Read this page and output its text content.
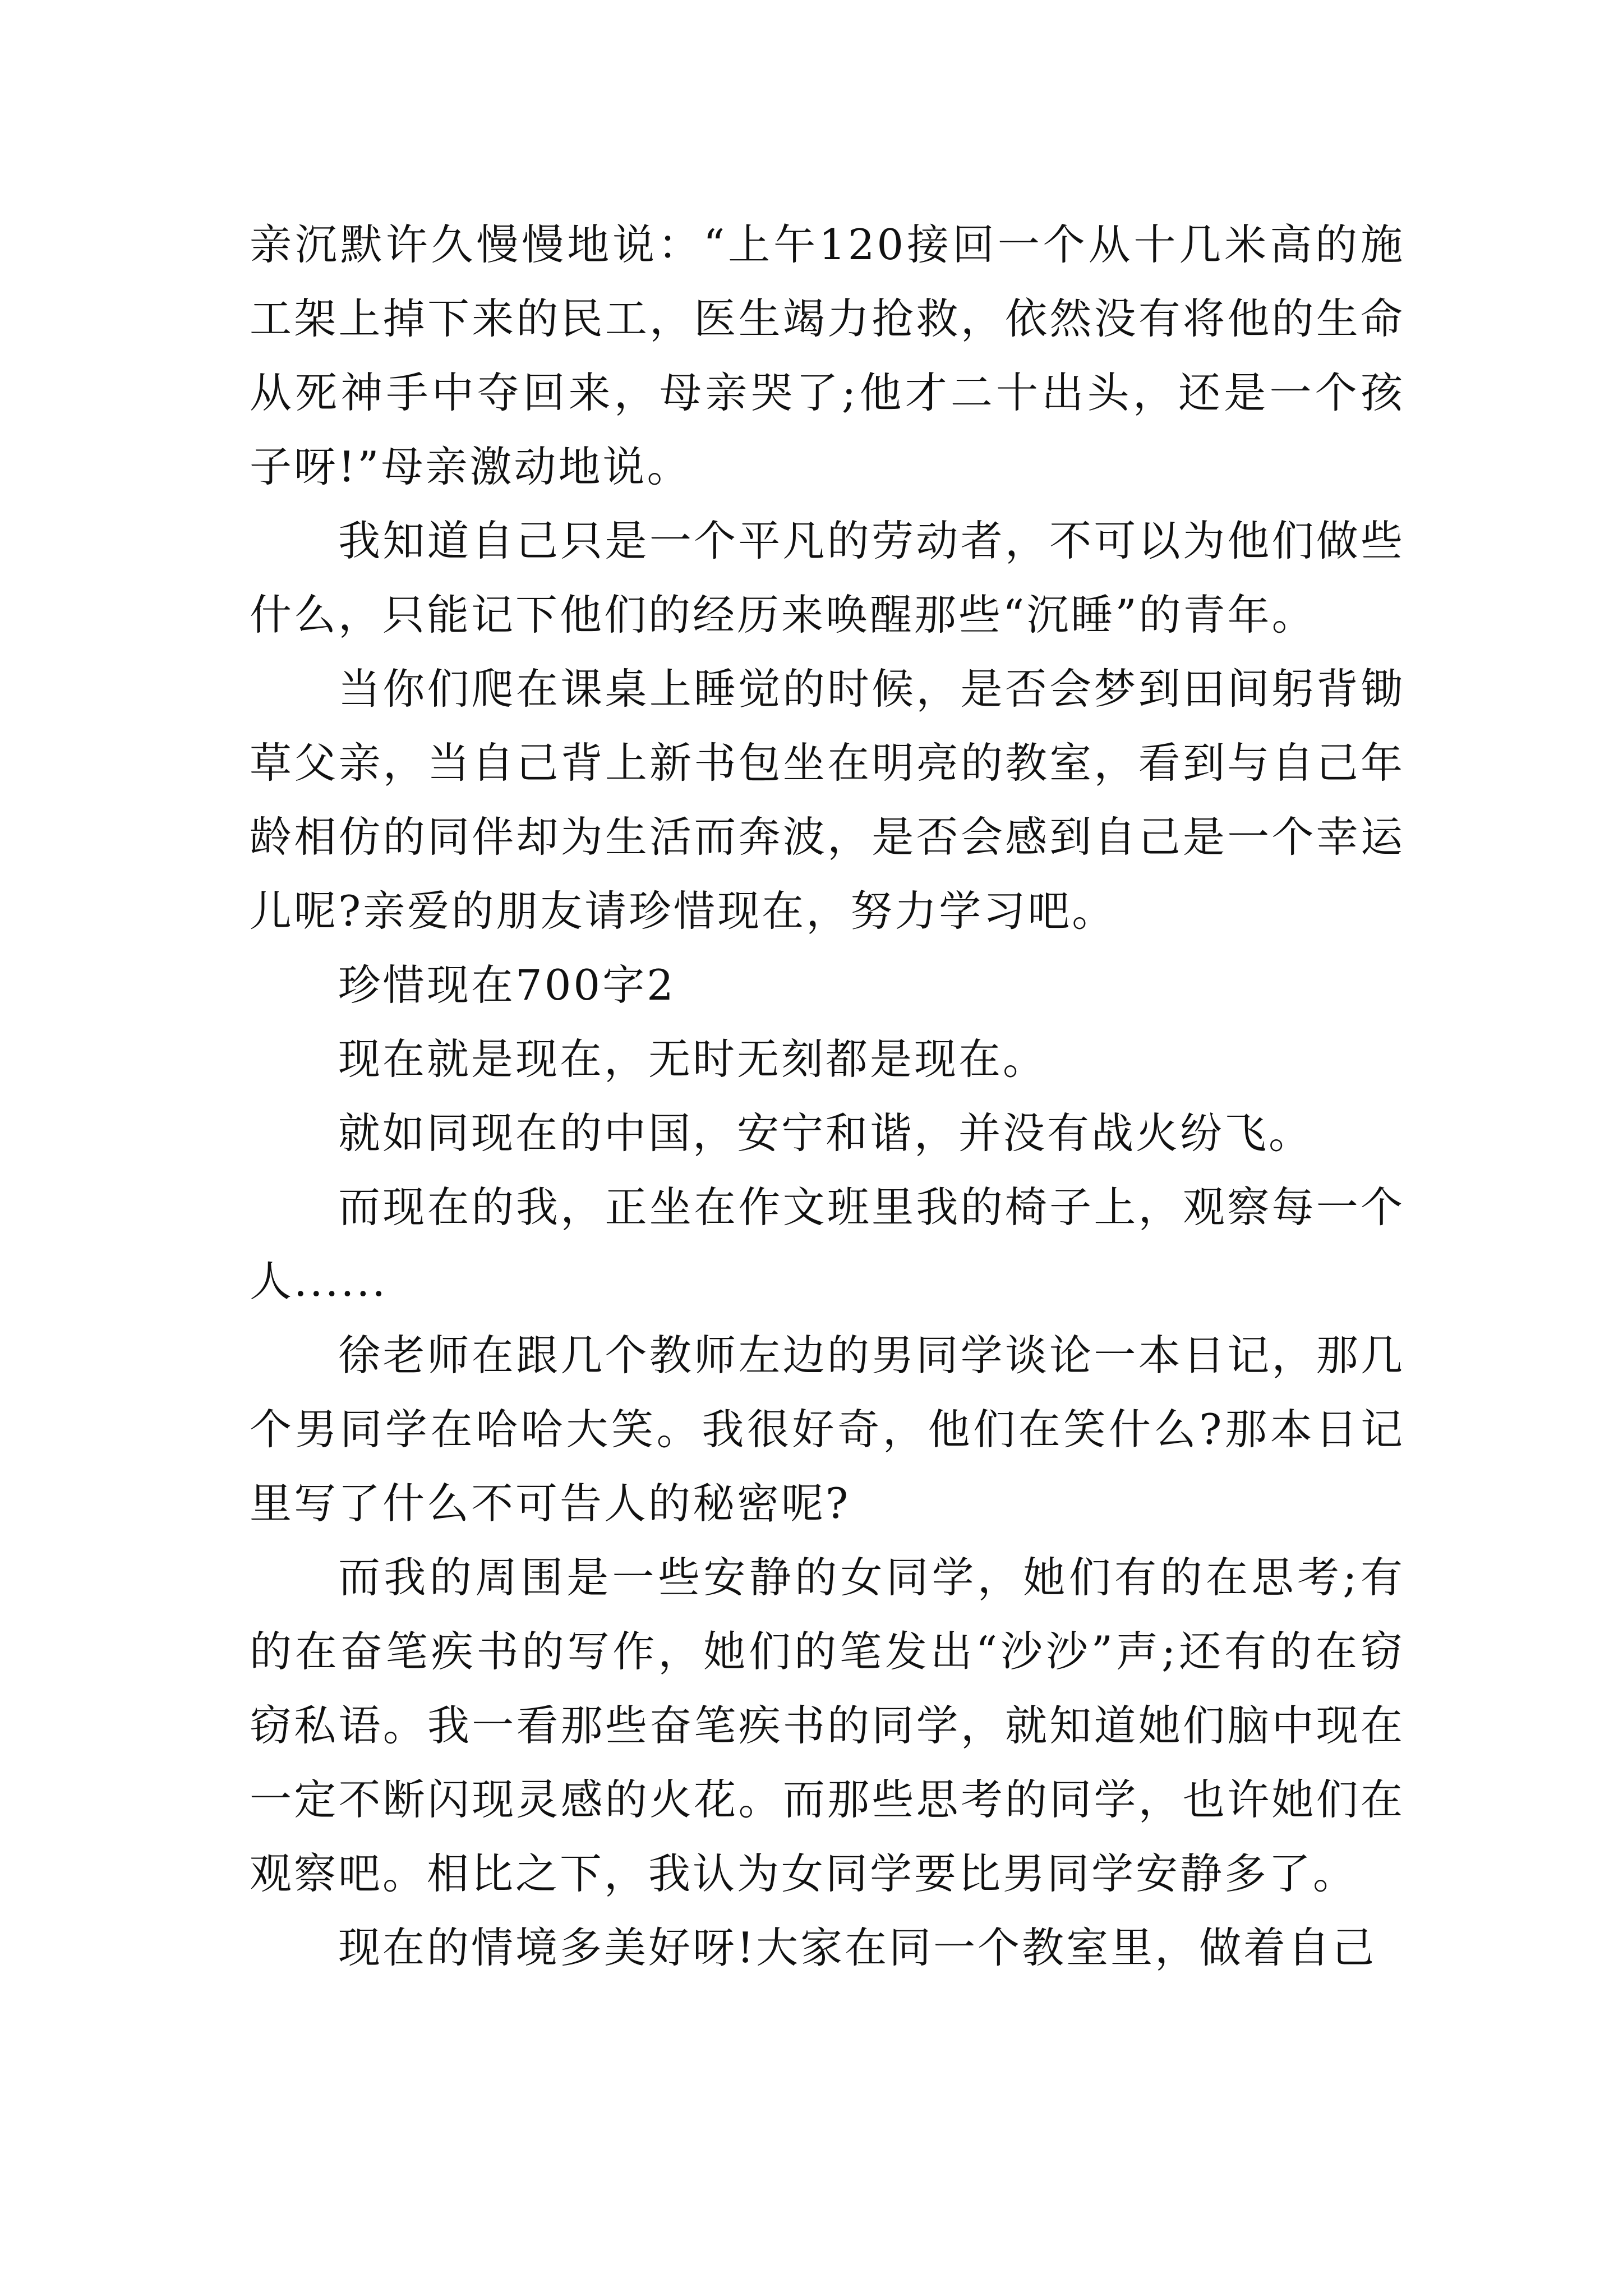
亲沉默许久慢慢地说：“上午120接回一个从十几米高的施工架上掉下来的民工，医生竭力抢救，依然没有将他的生命从死神手中夺回来，母亲哭了;他才二十出头，还是一个孩子呀!”母亲激动地说。

我知道自己只是一个平凡的劳动者，不可以为他们做些什么，只能记下他们的经历来唤醒那些“沉睡”的青年。

当你们爬在课桌上睡觉的时候，是否会梦到田间躬背锄草父亲，当自己背上新书包坐在明亮的教室，看到与自己年龄相仿的同伴却为生活而奔波，是否会感到自己是一个幸运儿呢?亲爱的朋友请珍惜现在，努力学习吧。

珍惜现在700字2

现在就是现在，无时无刻都是现在。

就如同现在的中国，安宁和谐，并没有战火纷飞。

而现在的我，正坐在作文班里我的椅子上，观察每一个人......

徐老师在跟几个教师左边的男同学谈论一本日记，那几个男同学在哈哈大笑。我很好奇，他们在笑什么?那本日记里写了什么不可告人的秘密呢?

而我的周围是一些安静的女同学，她们有的在思考;有的在奋笔疾书的写作，她们的笔发出“沙沙”声;还有的在窃窃私语。我一看那些奋笔疾书的同学，就知道她们脑中现在一定不断闪现灵感的火花。而那些思考的同学，也许她们在观察吧。相比之下，我认为女同学要比男同学安静多了。

现在的情境多美好呀!大家在同一个教室里，做着自己
